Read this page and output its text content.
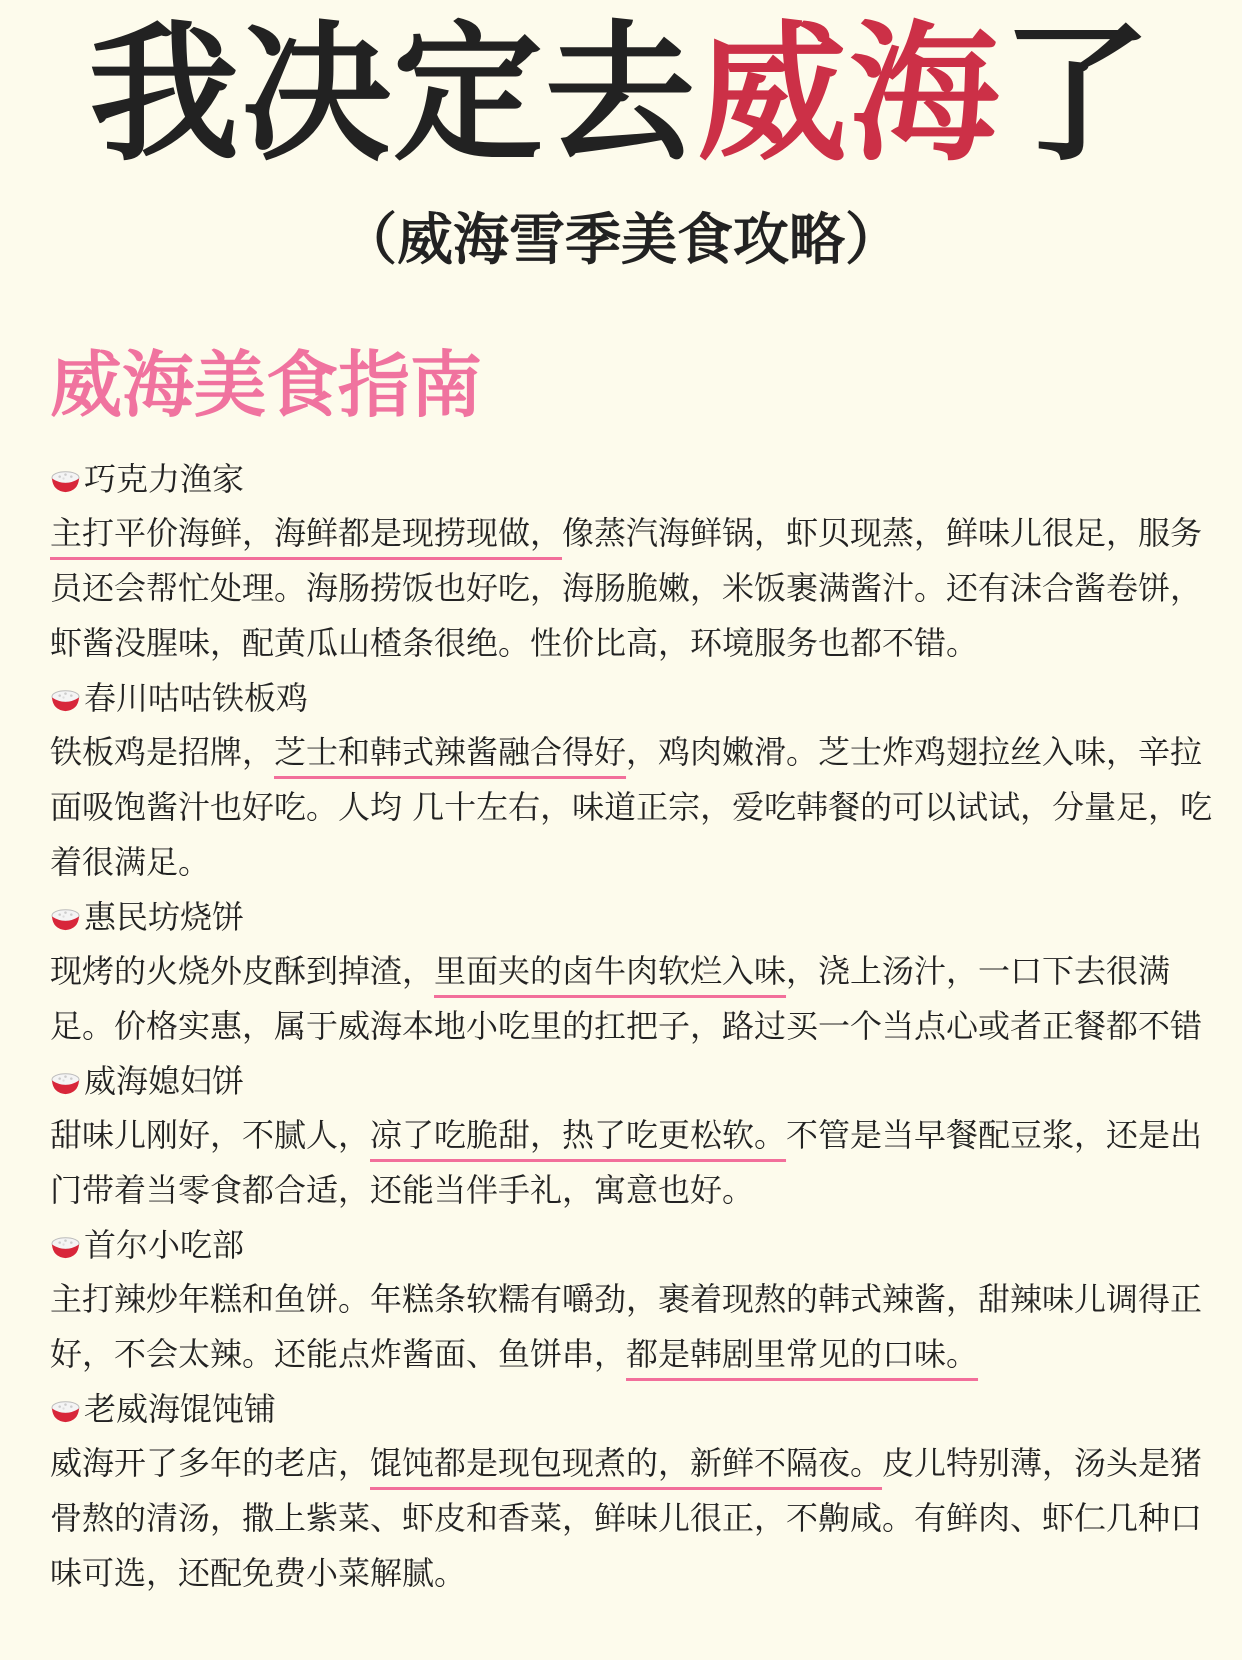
我决定去威海了
（威海雪季美食攻略）
威海美食指南
巧克力渔家
主打平价海鲜，海鲜都是现捞现做，像蒸汽海鲜锅，虾贝现蒸，鲜味儿很足，服务员还会帮忙处理。海肠捞饭也好吃，海肠脆嫩，米饭裹满酱汁。还有沫合酱卷饼，虾酱没腥味，配黄瓜山楂条很绝。性价比高，环境服务也都不错。
春川咕咕铁板鸡
铁板鸡是招牌，芝士和韩式辣酱融合得好，鸡肉嫩滑。芝士炸鸡翅拉丝入味，辛拉面吸饱酱汁也好吃。人均 几十左右，味道正宗，爱吃韩餐的可以试试，分量足，吃着很满足。
惠民坊烧饼
现烤的火烧外皮酥到掉渣，里面夹的卤牛肉软烂入味，浇上汤汁，一口下去很满足。价格实惠，属于威海本地小吃里的扛把子，路过买一个当点心或者正餐都不错
威海媳妇饼
甜味儿刚好，不腻人，凉了吃脆甜，热了吃更松软。不管是当早餐配豆浆，还是出门带着当零食都合适，还能当伴手礼，寓意也好。
首尔小吃部
主打辣炒年糕和鱼饼。年糕条软糯有嚼劲，裹着现熬的韩式辣酱，甜辣味儿调得正好，不会太辣。还能点炸酱面、鱼饼串，都是韩剧里常见的口味。
老威海馄饨铺
威海开了多年的老店，馄饨都是现包现煮的，新鲜不隔夜。皮儿特别薄，汤头是猪骨熬的清汤，撒上紫菜、虾皮和香菜，鲜味儿很正，不齁咸。有鲜肉、虾仁几种口味可选，还配免费小菜解腻。
